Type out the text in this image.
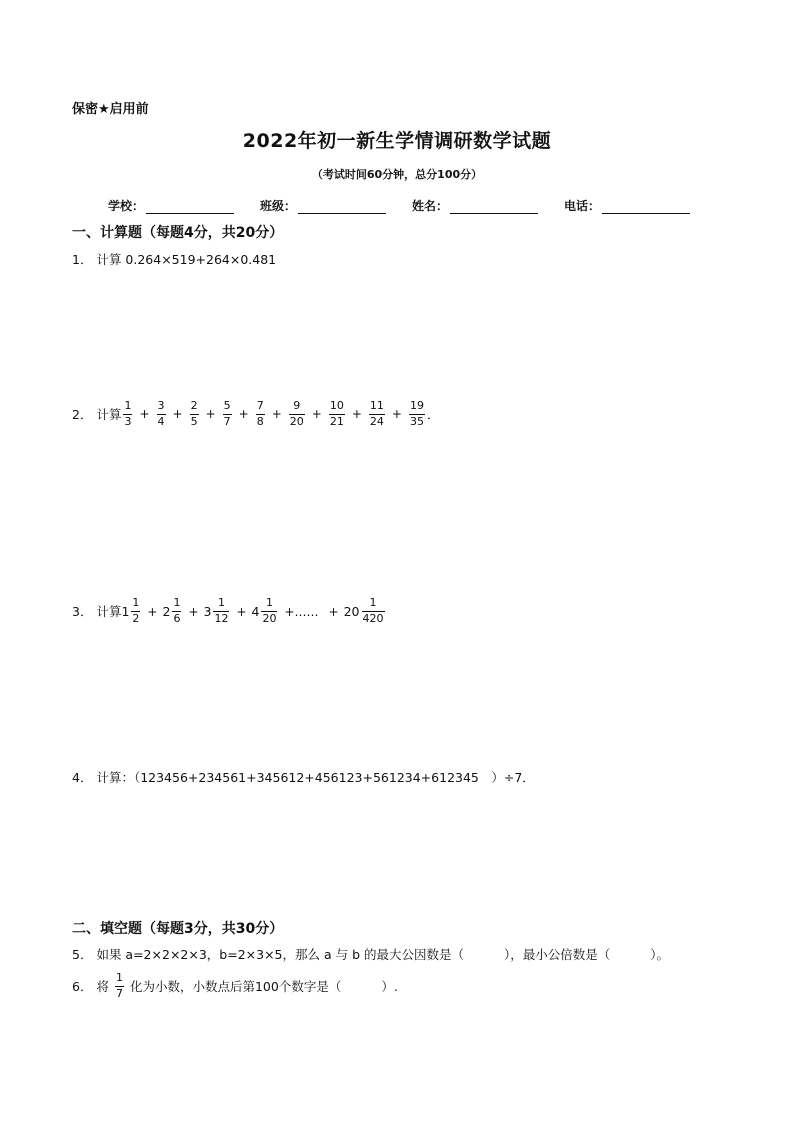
保密★启用前
2022年初一新生学情调研数学试题
（考试时间60分钟，总分100分）
学校：	班级：	姓名：	电话：
一、计算题（每题4分，共20分）
1． 计算 0.264×519+264×0.481
2． 计算 $\frac{1}{3} + \frac{3}{4} + \frac{2}{5} + \frac{5}{7} + \frac{7}{8} + \frac{9}{20} + \frac{10}{21} + \frac{11}{24} + \frac{19}{35}$ ．
3． 计算 $1 \frac{1}{2} + 2 \frac{1}{6} + 3 \frac{1}{12} + 4 \frac{1}{20}$ +…… + $20 \frac{1}{420}$
4． 计算：（123456+234561+345612+456123+561234+612345　）÷7．
二、填空题（每题3分，共30分）
5． 如果 a=2×2×2×3，b=2×3×5，那么 a 与 b 的最大公因数是（	），最小公倍数是（	）。
6． 将 $\frac{1}{7}$ 化为小数，小数点后第100个数字是（	）.
